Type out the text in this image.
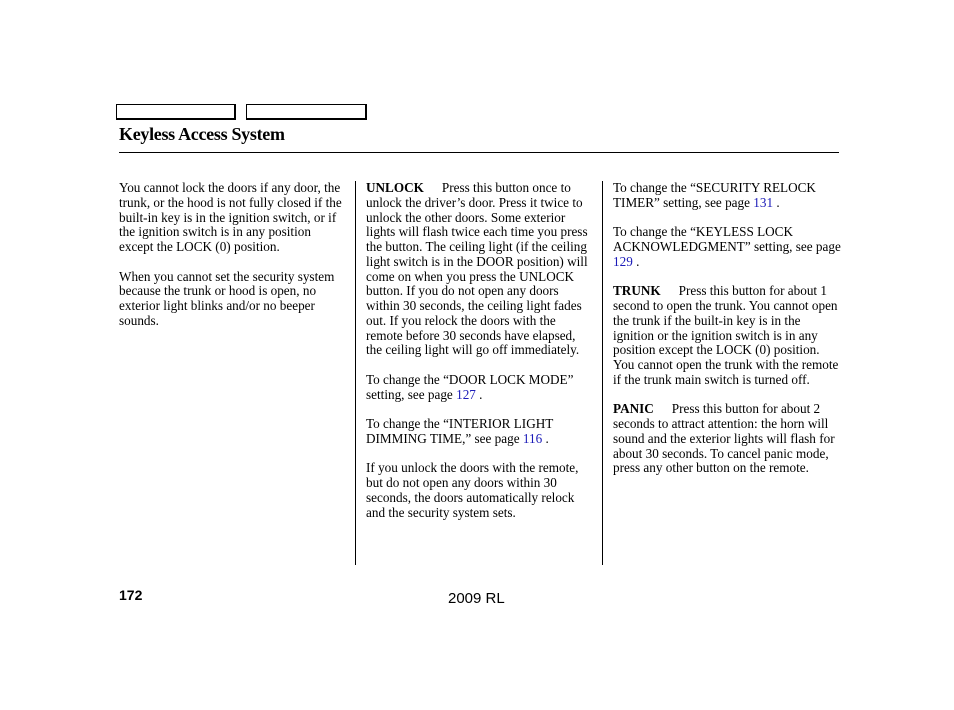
Keyless Access System

You cannot lock the doors if any door, the trunk, or the hood is not fully closed if the built-in key is in the ignition switch, or if the ignition switch is in any position except the LOCK (0) position.

When you cannot set the security system because the trunk or hood is open, no exterior light blinks and/or no beeper sounds.

UNLOCK Press this button once to unlock the driver’s door. Press it twice to unlock the other doors. Some exterior lights will flash twice each time you press the button. The ceiling light (if the ceiling light switch is in the DOOR position) will come on when you press the UNLOCK button. If you do not open any doors within 30 seconds, the ceiling light fades out. If you relock the doors with the remote before 30 seconds have elapsed, the ceiling light will go off immediately.

To change the “DOOR LOCK MODE” setting, see page 127 .

To change the “INTERIOR LIGHT DIMMING TIME,” see page 116 .

If you unlock the doors with the remote, but do not open any doors within 30 seconds, the doors automatically relock and the security system sets.

To change the “SECURITY RELOCK TIMER” setting, see page 131 .

To change the “KEYLESS LOCK ACKNOWLEDGMENT” setting, see page 129 .

TRUNK Press this button for about 1 second to open the trunk. You cannot open the trunk if the built-in key is in the ignition or the ignition switch is in any position except the LOCK (0) position. You cannot open the trunk with the remote if the trunk main switch is turned off.

PANIC Press this button for about 2 seconds to attract attention: the horn will sound and the exterior lights will flash for about 30 seconds. To cancel panic mode, press any other button on the remote.

172	2009 RL
